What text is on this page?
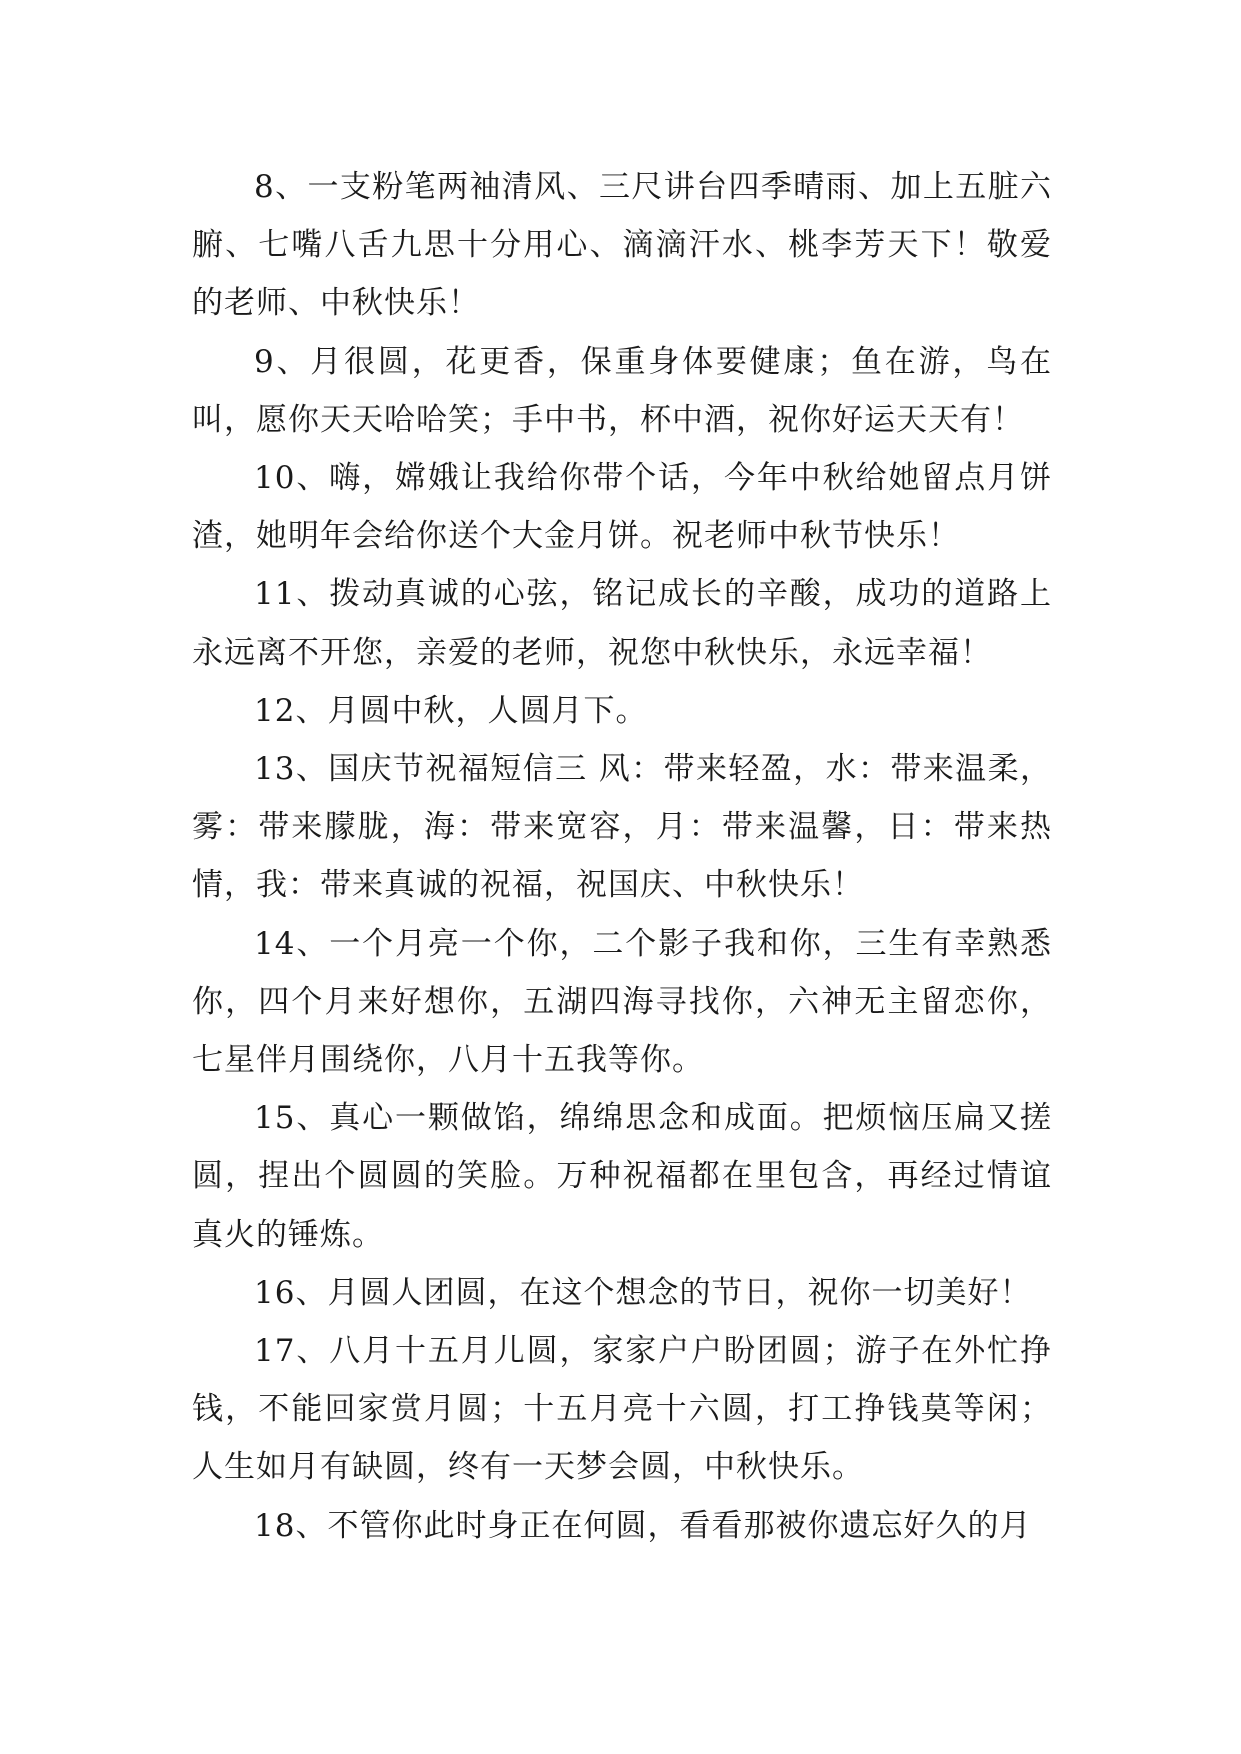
8、一支粉笔两袖清风、三尺讲台四季晴雨、加上五脏六腑、七嘴八舌九思十分用心、滴滴汗水、桃李芳天下！敬爱的老师、中秋快乐！

9、月很圆，花更香，保重身体要健康；鱼在游，鸟在叫，愿你天天哈哈笑；手中书，杯中酒，祝你好运天天有！

10、嗨，嫦娥让我给你带个话，今年中秋给她留点月饼渣，她明年会给你送个大金月饼。祝老师中秋节快乐！

11、拨动真诚的心弦，铭记成长的辛酸，成功的道路上永远离不开您，亲爱的老师，祝您中秋快乐，永远幸福！

12、月圆中秋，人圆月下。

13、国庆节祝福短信三 风：带来轻盈，水：带来温柔，雾：带来朦胧，海：带来宽容，月：带来温馨，日：带来热情，我：带来真诚的祝福，祝国庆、中秋快乐！

14、一个月亮一个你，二个影子我和你，三生有幸熟悉你，四个月来好想你，五湖四海寻找你，六神无主留恋你，七星伴月围绕你，八月十五我等你。

15、真心一颗做馅，绵绵思念和成面。把烦恼压扁又搓圆，捏出个圆圆的笑脸。万种祝福都在里包含，再经过情谊真火的锤炼。

16、月圆人团圆，在这个想念的节日，祝你一切美好！

17、八月十五月儿圆，家家户户盼团圆；游子在外忙挣钱，不能回家赏月圆；十五月亮十六圆，打工挣钱莫等闲；人生如月有缺圆，终有一天梦会圆，中秋快乐。

18、不管你此时身正在何圆，看看那被你遗忘好久的月
